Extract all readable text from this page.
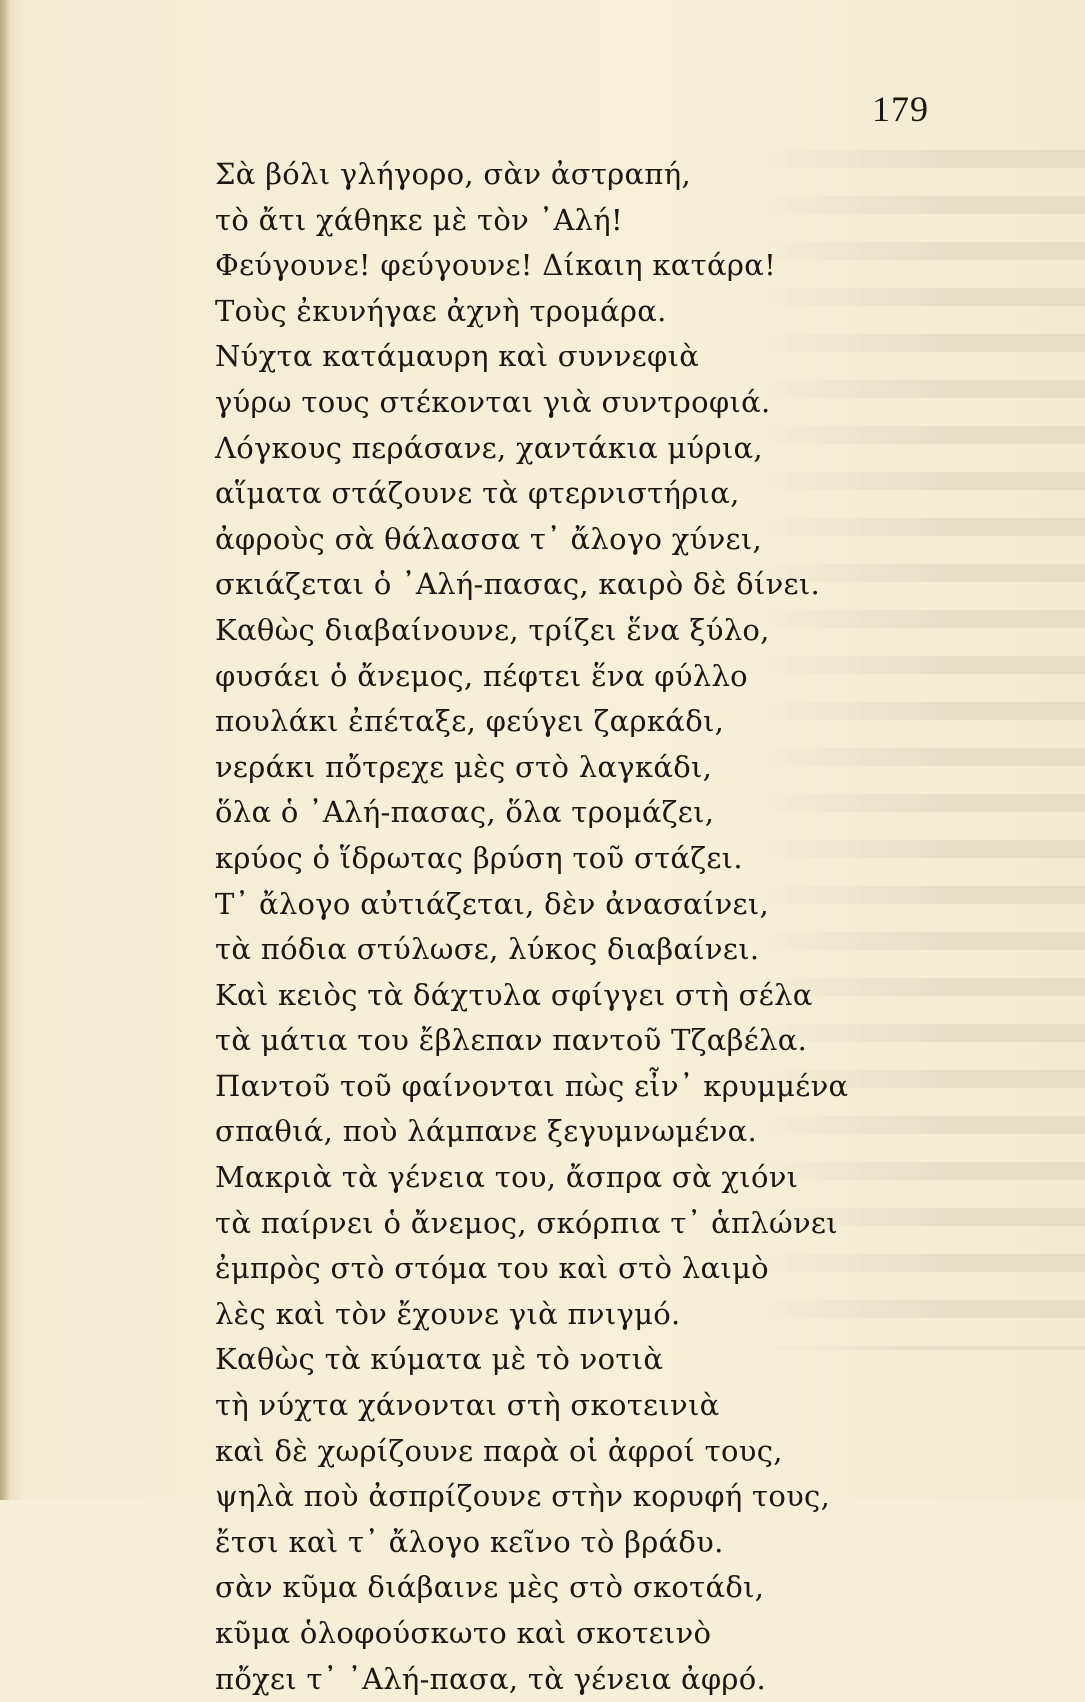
179
Σὰ βόλι γλήγορο, σὰν ἀστραπή,
τὸ ἄτι χάθηκε μὲ τὸν ᾿Αλή!
Φεύγουνε! φεύγουνε! Δίκαιη κατάρα!
Τοὺς ἐκυνήγαε ἀχνὴ τρομάρα.
Νύχτα κατάμαυρη καὶ συννεφιὰ
γύρω τους στέκονται γιὰ συντροφιά.
Λόγκους περάσανε, χαντάκια μύρια,
αἵματα στάζουνε τὰ φτερνιστήρια,
ἀφροὺς σὰ θάλασσα τ᾿ ἄλογο χύνει,
σκιάζεται ὁ ᾿Αλή-πασας, καιρὸ δὲ δίνει.
Καθὼς διαβαίνουνε, τρίζει ἕνα ξύλο,
φυσάει ὁ ἄνεμος, πέφτει ἕνα φύλλο
πουλάκι ἐπέταξε, φεύγει ζαρκάδι,
νεράκι πὄτρεχε μὲς στὸ λαγκάδι,
ὅλα ὁ ᾿Αλή-πασας, ὅλα τρομάζει,
κρύος ὁ ἵδρωτας βρύση τοῦ στάζει.
Τ᾿ ἄλογο αὐτιάζεται, δὲν ἀνασαίνει,
τὰ πόδια στύλωσε, λύκος διαβαίνει.
Καὶ κειὸς τὰ δάχτυλα σφίγγει στὴ σέλα
τὰ μάτια του ἔβλεπαν παντοῦ Τζαβέλα.
Παντοῦ τοῦ φαίνονται πὼς εἶν᾿ κρυμμένα
σπαθιά, ποὺ λάμπανε ξεγυμνωμένα.
Μακριὰ τὰ γένεια του, ἄσπρα σὰ χιόνι
τὰ παίρνει ὁ ἄνεμος, σκόρπια τ᾿ ἁπλώνει
ἐμπρὸς στὸ στόμα του καὶ στὸ λαιμὸ
λὲς καὶ τὸν ἔχουνε γιὰ πνιγμό.
Καθὼς τὰ κύματα μὲ τὸ νοτιὰ
τὴ νύχτα χάνονται στὴ σκοτεινιὰ
καὶ δὲ χωρίζουνε παρὰ οἱ ἀφροί τους,
ψηλὰ ποὺ ἀσπρίζουνε στὴν κορυφή τους,
ἔτσι καὶ τ᾿ ἄλογο κεῖνο τὸ βράδυ.
σὰν κῦμα διάβαινε μὲς στὸ σκοτάδι,
κῦμα ὁλοφούσκωτο καὶ σκοτεινὸ
πὄχει τ᾿ ᾿Αλή-πασα, τὰ γένεια ἀφρό.
